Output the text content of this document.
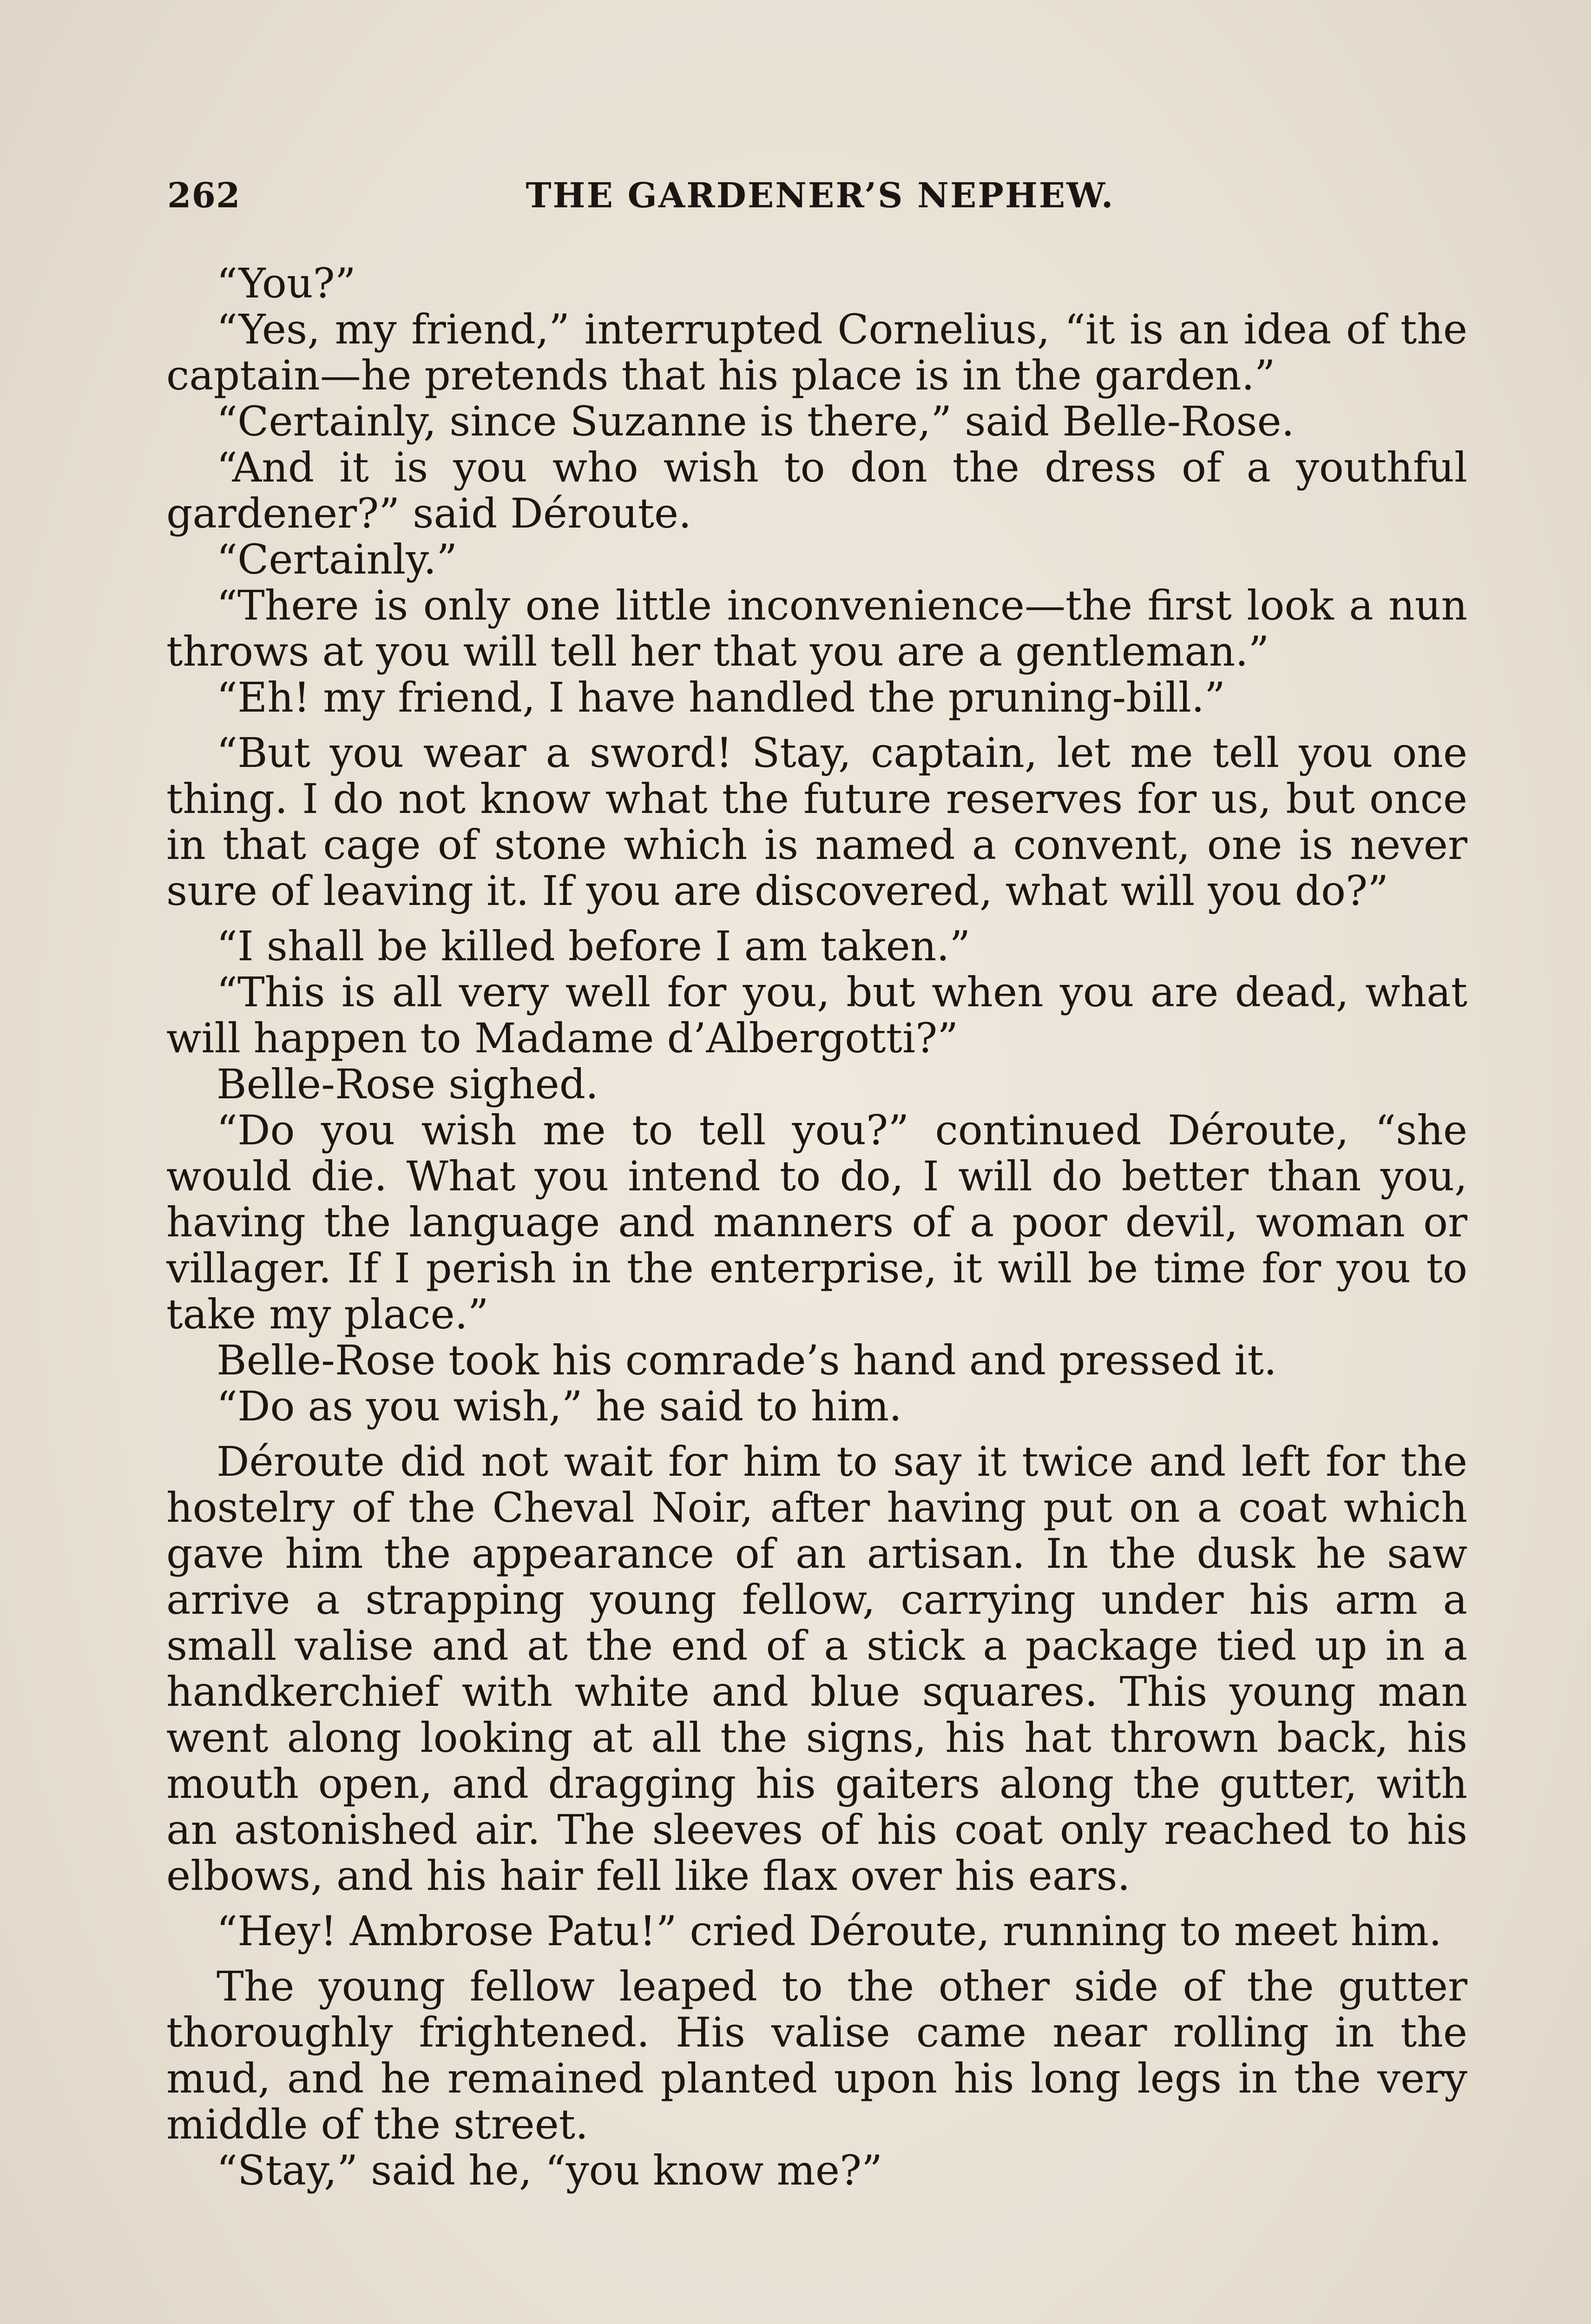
262	THE GARDENER’S NEPHEW.

“You?”

“Yes, my friend,” interrupted Cornelius, “it is an idea of the captain—he pretends that his place is in the garden.”

“Certainly, since Suzanne is there,” said Belle-Rose.

“And it is you who wish to don the dress of a youthful gardener?” said Déroute.

“Certainly.”

“There is only one little inconvenience—the first look a nun throws at you will tell her that you are a gentleman.”

“Eh! my friend, I have handled the pruning-bill.”

“But you wear a sword! Stay, captain, let me tell you one thing. I do not know what the future reserves for us, but once in that cage of stone which is named a convent, one is never sure of leaving it. If you are discovered, what will you do?”

“I shall be killed before I am taken.”

“This is all very well for you, but when you are dead, what will happen to Madame d’Albergotti?”

Belle-Rose sighed.

“Do you wish me to tell you?” continued Déroute, “she would die. What you intend to do, I will do better than you, having the language and manners of a poor devil, woman or villager. If I perish in the enterprise, it will be time for you to take my place.”

Belle-Rose took his comrade’s hand and pressed it.

“Do as you wish,” he said to him.

Déroute did not wait for him to say it twice and left for the hostelry of the Cheval Noir, after having put on a coat which gave him the appearance of an artisan. In the dusk he saw arrive a strapping young fellow, carrying under his arm a small valise and at the end of a stick a package tied up in a handkerchief with white and blue squares. This young man went along looking at all the signs, his hat thrown back, his mouth open, and dragging his gaiters along the gutter, with an astonished air. The sleeves of his coat only reached to his elbows, and his hair fell like flax over his ears.

“Hey! Ambrose Patu!” cried Déroute, running to meet him.

The young fellow leaped to the other side of the gutter thoroughly frightened. His valise came near rolling in the mud, and he remained planted upon his long legs in the very middle of the street.

“Stay,” said he, “you know me?”
